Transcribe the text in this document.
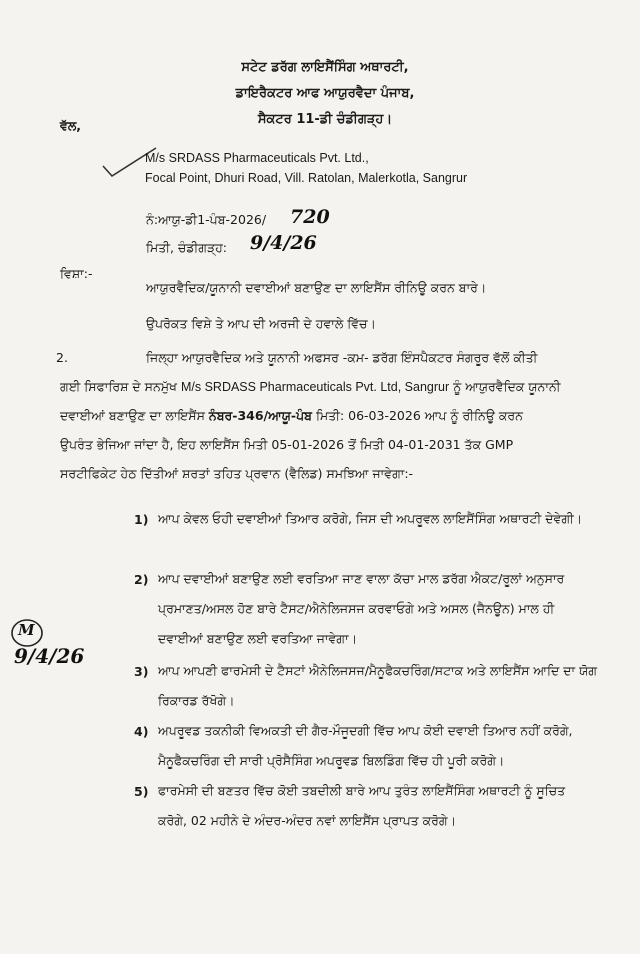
ਸਟੇਟ ਡਰੱਗ ਲਾਇਸੈਂਸਿੰਗ ਅਥਾਰਟੀ,
ਡਾਇਰੈਕਟਰ ਆਫ ਆਯੁਰਵੈਦਾ ਪੰਜਾਬ,
ਸੈਕਟਰ 11-ਡੀ ਚੰਡੀਗੜ੍ਹ।
ਵੱਲ,
M/s SRDASS Pharmaceuticals Pvt. Ltd.,
Focal Point, Dhuri Road, Vill. Ratolan, Malerkotla, Sangrur
ਨੰ:ਆਯੁ-ਡੀ1-ਪੰਬ-2026/ 720
ਮਿਤੀ, ਚੰਡੀਗੜ੍ਹ: 9/4/26
ਵਿਸ਼ਾ:-
ਆਯੁਰਵੈਦਿਕ/ਯੂਨਾਨੀ ਦਵਾਈਆਂ ਬਣਾਉਣ ਦਾ ਲਾਇਸੈਂਸ ਰੀਨਿਊ ਕਰਨ ਬਾਰੇ।
ਉਪਰੋਕਤ ਵਿਸ਼ੇ ਤੇ ਆਪ ਦੀ ਅਰਜੀ ਦੇ ਹਵਾਲੇ ਵਿੱਚ।
2.	ਜਿਲ੍ਹਾ ਆਯੁਰਵੈਦਿਕ ਅਤੇ ਯੂਨਾਨੀ ਅਫਸਰ -ਕਮ- ਡਰੱਗ ਇੰਸਪੈਕਟਰ ਸੰਗਰੂਰ ਵੱਲੋਂ ਕੀਤੀ
ਗਈ ਸਿਫਾਰਿਸ਼ ਦੇ ਸਨਮੁੱਖ M/s SRDASS Pharmaceuticals Pvt. Ltd, Sangrur ਨੂੰ ਆਯੁਰਵੈਦਿਕ ਯੂਨਾਨੀ
ਦਵਾਈਆਂ ਬਣਾਉਣ ਦਾ ਲਾਇਸੈਂਸ ਨੰਬਰ-346/ਆਯੂ-ਪੰਬ ਮਿਤੀ: 06-03-2026 ਆਪ ਨੂੰ ਰੀਨਿਊ ਕਰਨ
ਉਪਰੰਤ ਭੇਜਿਆ ਜਾਂਦਾ ਹੈ, ਇਹ ਲਾਇਸੈਂਸ ਮਿਤੀ 05-01-2026 ਤੋਂ ਮਿਤੀ 04-01-2031 ਤੱਕ GMP
ਸਰਟੀਫਿਕੇਟ ਹੇਠ ਦਿੱਤੀਆਂ ਸ਼ਰਤਾਂ ਤਹਿਤ ਪ੍ਰਵਾਨ (ਵੈਲਿਡ) ਸਮਝਿਆ ਜਾਵੇਗਾ:-
1) ਆਪ ਕੇਵਲ ਓਹੀ ਦਵਾਈਆਂ ਤਿਆਰ ਕਰੋਗੇ, ਜਿਸ ਦੀ ਅਪਰੂਵਲ ਲਾਇਸੈਂਸਿੰਗ ਅਥਾਰਟੀ ਦੇਵੇਗੀ।
2) ਆਪ ਦਵਾਈਆਂ ਬਣਾਉਣ ਲਈ ਵਰਤਿਆ ਜਾਣ ਵਾਲਾ ਕੱਚਾ ਮਾਲ ਡਰੱਗ ਐਕਟ/ਰੂਲਾਂ ਅਨੁਸਾਰ ਪ੍ਰਮਾਣਤ/ਅਸਲ ਹੋਣ ਬਾਰੇ ਟੈਸਟ/ਐਨੇਲਿਜਸਜ ਕਰਵਾਓਗੇ ਅਤੇ ਅਸਲ (ਜੈਨਊਨ) ਮਾਲ ਹੀ ਦਵਾਈਆਂ ਬਣਾਉਣ ਲਈ ਵਰਤਿਆ ਜਾਵੇਗਾ।
3) ਆਪ ਆਪਣੀ ਫਾਰਮੇਸੀ ਦੇ ਟੈਸਟਾਂ ਐਨੇਲਿਜਸਜ/ਮੈਨੂਫੈਕਚਰਿੰਗ/ਸਟਾਕ ਅਤੇ ਲਾਇਸੈਂਸ ਆਦਿ ਦਾ ਯੋਗ ਰਿਕਾਰਡ ਰੱਖੋਗੇ।
4) ਅਪਰੂਵਡ ਤਕਨੀਕੀ ਵਿਅਕਤੀ ਦੀ ਗੈਰ-ਮੌਜੂਦਗੀ ਵਿੱਚ ਆਪ ਕੋਈ ਦਵਾਈ ਤਿਆਰ ਨਹੀਂ ਕਰੋਗੇ, ਮੈਨੂਫੈਕਚਰਿੰਗ ਦੀ ਸਾਰੀ ਪ੍ਰੋਸੈਸਿੰਗ ਅਪਰੂਵਡ ਬਿਲਡਿੰਗ ਵਿੱਚ ਹੀ ਪੂਰੀ ਕਰੋਗੇ।
5) ਫਾਰਮੇਸੀ ਦੀ ਬਣਤਰ ਵਿੱਚ ਕੋਈ ਤਬਦੀਲੀ ਬਾਰੇ ਆਪ ਤੁਰੰਤ ਲਾਇਸੈਂਸਿੰਗ ਅਥਾਰਟੀ ਨੂੰ ਸੂਚਿਤ ਕਰੋਗੇ, 02 ਮਹੀਨੇ ਦੇ ਅੰਦਰ-ਅੰਦਰ ਨਵਾਂ ਲਾਇਸੈਂਸ ਪ੍ਰਾਪਤ ਕਰੋਗੇ।
M
9/4/26
